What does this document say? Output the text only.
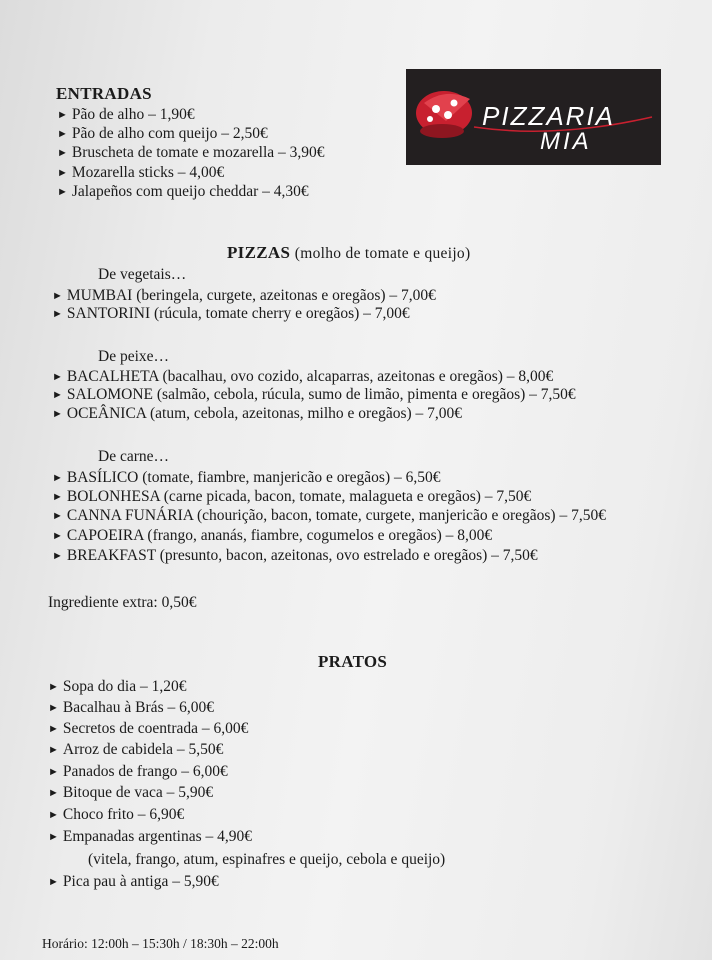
ENTRADAS
► Pão de alho – 1,90€
► Pão de alho com queijo – 2,50€
► Bruscheta de tomate e mozarella – 3,90€
► Mozarella sticks – 4,00€
► Jalapeños com queijo cheddar – 4,30€
PIZZARIA
MIA
PIZZAS (molho de tomate e queijo)
De vegetais…
► MUMBAI (beringela, curgete, azeitonas e oregãos) – 7,00€
► SANTORINI (rúcula, tomate cherry e oregãos) – 7,00€
De peixe…
► BACALHETA (bacalhau, ovo cozido, alcaparras, azeitonas e oregãos) – 8,00€
► SALOMONE (salmão, cebola, rúcula, sumo de limão, pimenta e oregãos) – 7,50€
► OCEÂNICA (atum, cebola, azeitonas, milho e oregãos) – 7,00€
De carne…
► BASÍLICO (tomate, fiambre, manjericão e oregãos) – 6,50€
► BOLONHESA (carne picada, bacon, tomate, malagueta e oregãos) – 7,50€
► CANNA FUNÁRIA (chourição, bacon, tomate, curgete, manjericão e oregãos) – 7,50€
► CAPOEIRA (frango, ananás, fiambre, cogumelos e oregãos) – 8,00€
► BREAKFAST (presunto, bacon, azeitonas, ovo estrelado e oregãos) – 7,50€
Ingrediente extra: 0,50€
PRATOS
► Sopa do dia – 1,20€
► Bacalhau à Brás – 6,00€
► Secretos de coentrada – 6,00€
► Arroz de cabidela – 5,50€
► Panados de frango – 6,00€
► Bitoque de vaca – 5,90€
► Choco frito – 6,90€
► Empanadas argentinas – 4,90€
(vitela, frango, atum, espinafres e queijo, cebola e queijo)
► Pica pau à antiga – 5,90€
Horário: 12:00h – 15:30h / 18:30h – 22:00h
